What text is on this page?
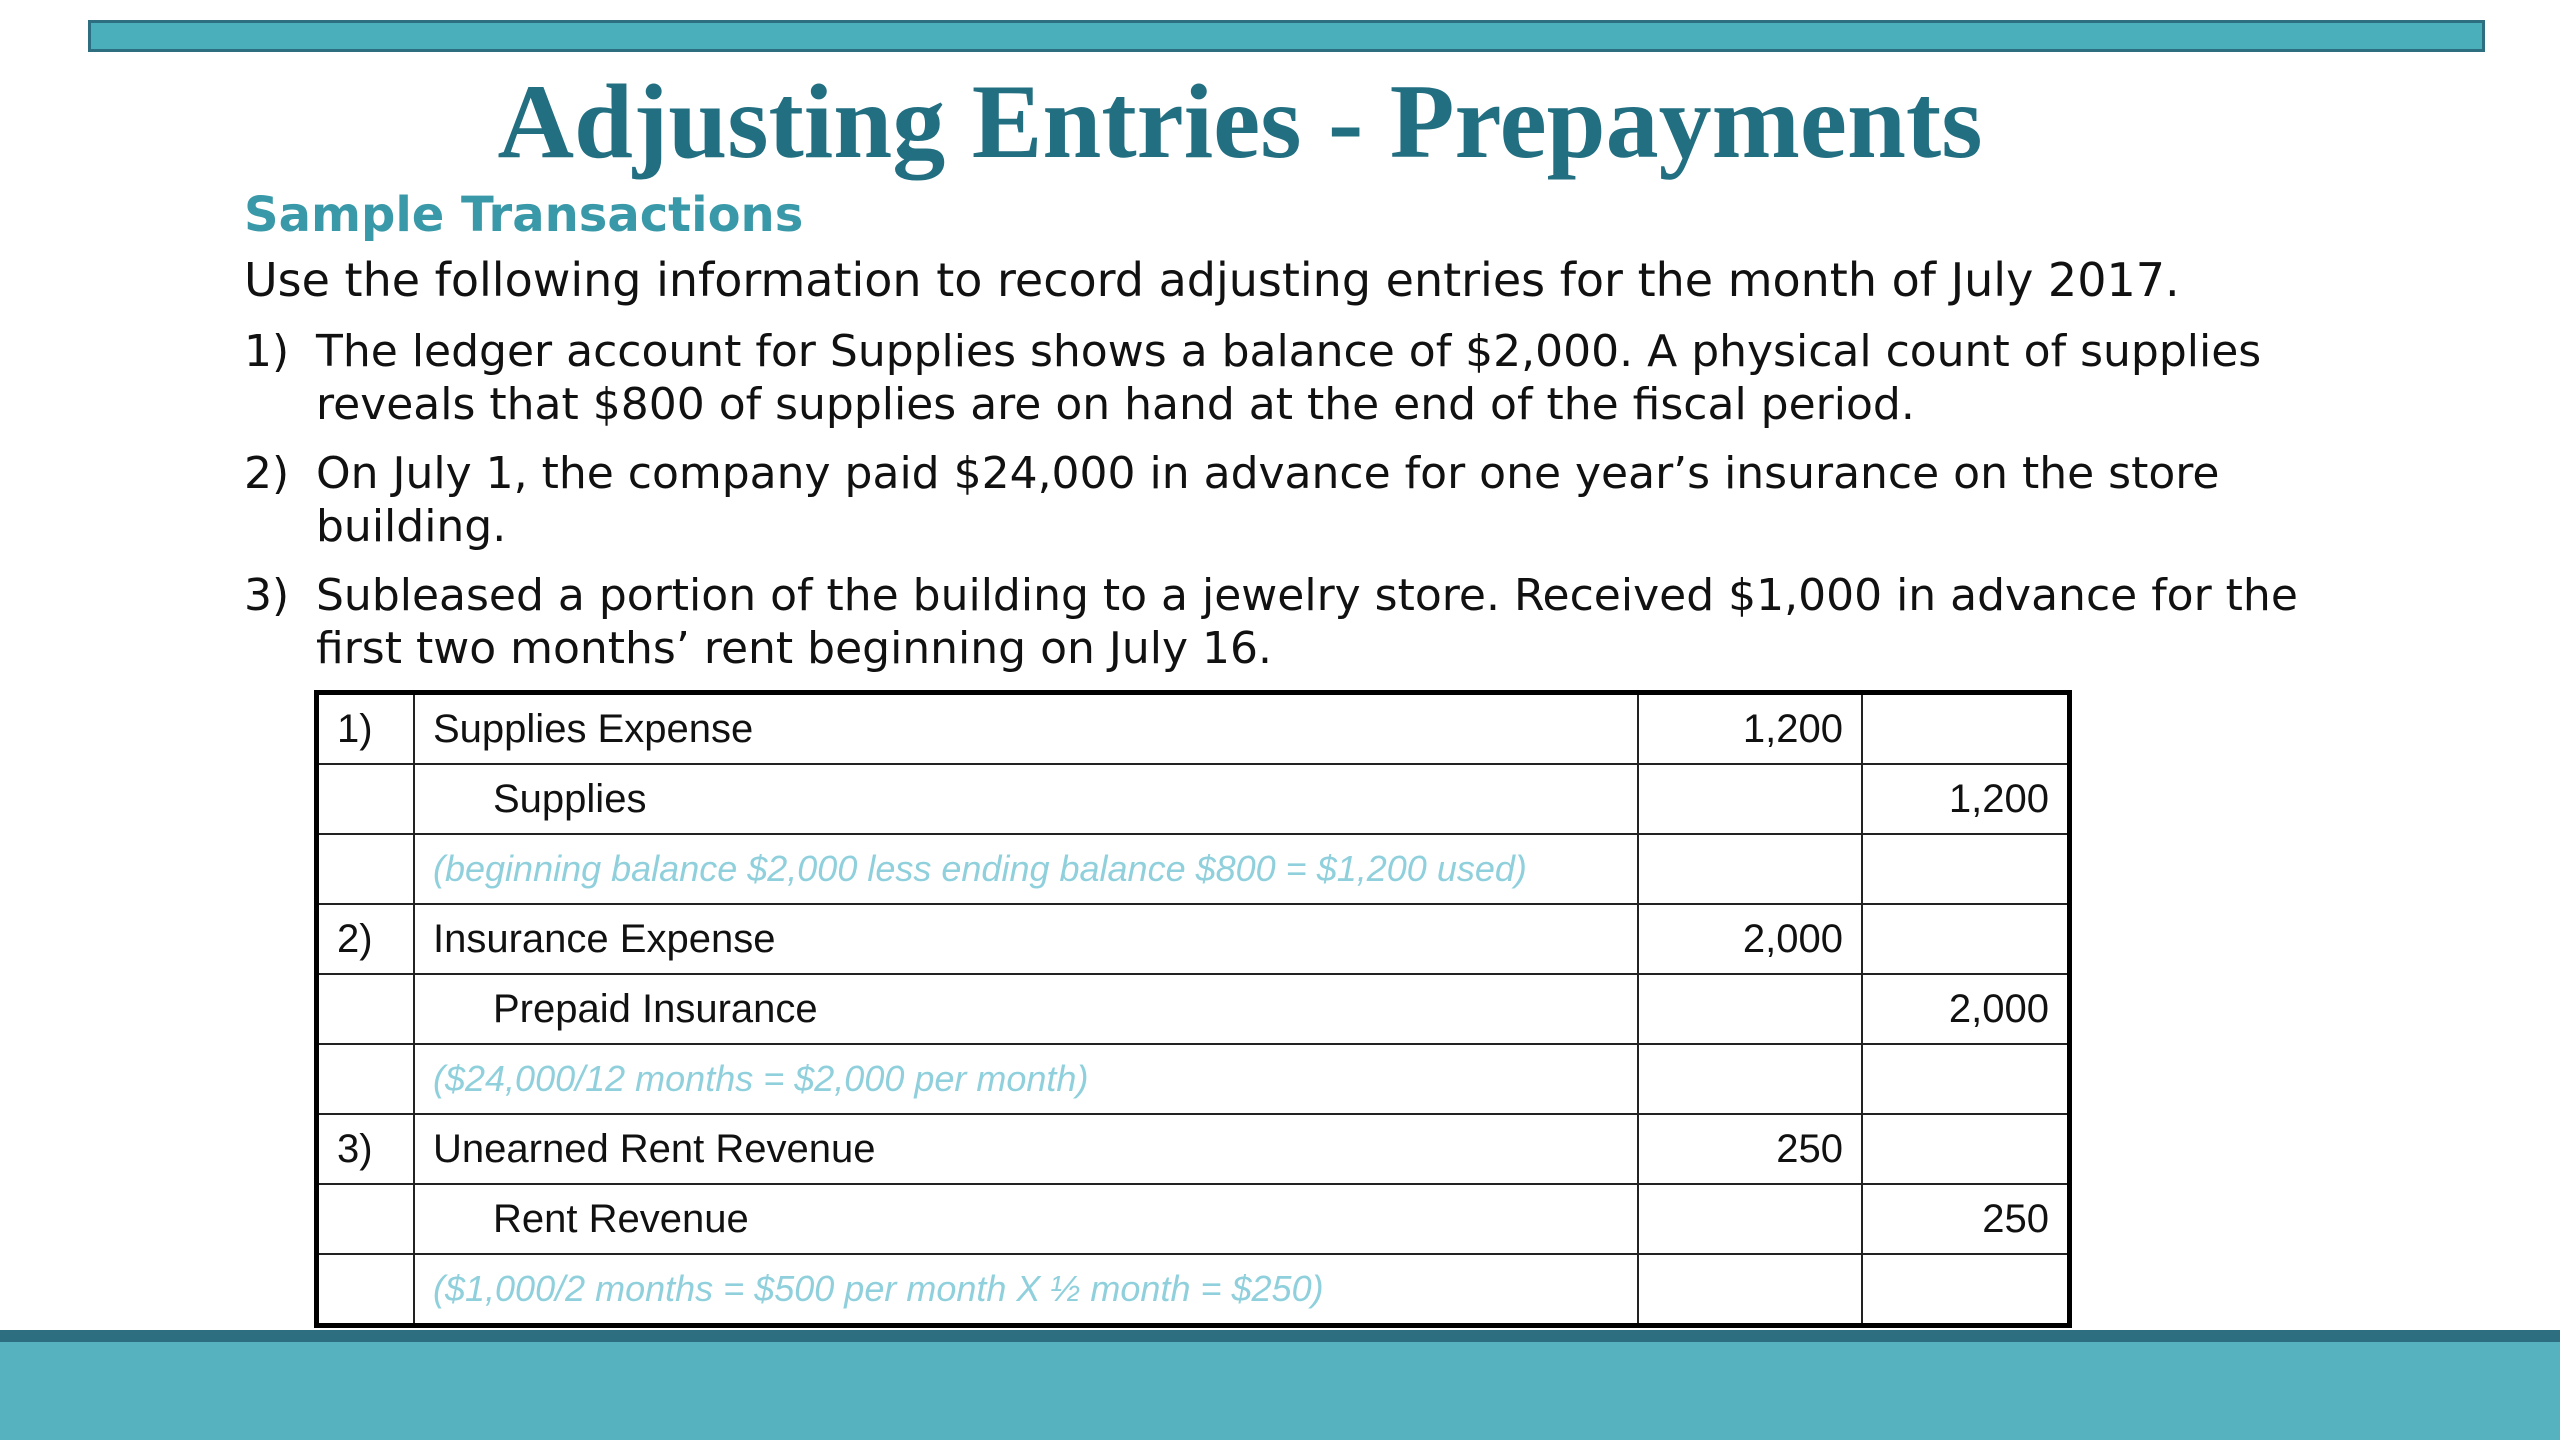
Adjusting Entries - Prepayments
Sample Transactions

Use the following information to record adjusting entries for the month of July 2017.

1) The ledger account for Supplies shows a balance of $2,000. A physical count of supplies reveals that $800 of supplies are on hand at the end of the fiscal period.
2) On July 1, the company paid $24,000 in advance for one year’s insurance on the store building.
3) Subleased a portion of the building to a jewelry store. Received $1,000 in advance for the first two months’ rent beginning on July 16.
1)	Supplies Expense	1,200	
	Supplies		1,200
	(beginning balance $2,000 less ending balance $800 = $1,200 used)		
2)	Insurance Expense	2,000	
	Prepaid Insurance		2,000
	($24,000/12 months = $2,000 per month)		
3)	Unearned Rent Revenue	250	
	Rent Revenue		250
	($1,000/2 months = $500 per month X ½ month = $250)		
